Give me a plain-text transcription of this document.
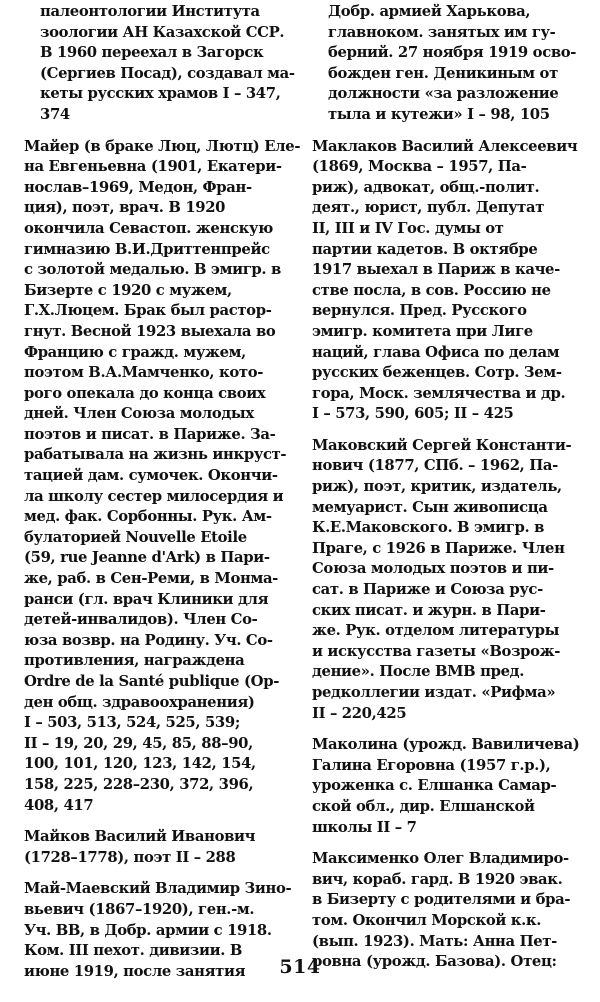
палеонтологии Института
зоологии АН Казахской ССР.
В 1960 переехал в Загорск
(Сергиев Посад), создавал ма-
кеты русских храмов I – 347,
374
Майер (в браке Люц, Лютц) Еле-
на Евгеньевна (1901, Екатери-
нослав–1969, Медон, Фран-
ция), поэт, врач. В 1920
окончила Севастоп. женскую
гимназию В.И.Дриттенпрейс
с золотой медалью. В эмигр. в
Бизерте с 1920 с мужем,
Г.Х.Люцем. Брак был растор-
гнут. Весной 1923 выехала во
Францию с гражд. мужем,
поэтом В.А.Мамченко, кото-
рого опекала до конца своих
дней. Член Союза молодых
поэтов и писат. в Париже. За-
рабатывала на жизнь инкруст-
тацией дам. сумочек. Окончи-
ла школу сестер милосердия и
мед. фак. Сорбонны. Рук. Ам-
булаторией Nouvelle Etoile
(59, rue Jeanne d'Ark) в Пари-
же, раб. в Сен-Реми, в Монма-
ранси (гл. врач Клиники для
детей-инвалидов). Член Со-
юза возвр. на Родину. Уч. Со-
противления, награждена
Ordre de la Santé publique (Ор-
ден общ. здравоохранения)
I – 503, 513, 524, 525, 539;
II – 19, 20, 29, 45, 85, 88–90,
100, 101, 120, 123, 142, 154,
158, 225, 228–230, 372, 396,
408, 417
Майков Василий Иванович
(1728–1778), поэт II – 288
Май-Маевский Владимир Зино-
вьевич (1867–1920), ген.-м.
Уч. ВВ, в Добр. армии с 1918.
Ком. III пехот. дивизии. В
июне 1919, после занятия
Добр. армией Харькова,
главноком. занятых им гу-
берний. 27 ноября 1919 осво-
божден ген. Деникиным от
должности «за разложение
тыла и кутежи» I – 98, 105
Маклаков Василий Алексеевич
(1869, Москва – 1957, Па-
риж), адвокат, общ.-полит.
деят., юрист, публ. Депутат
II, III и IV Гос. думы от
партии кадетов. В октябре
1917 выехал в Париж в каче-
стве посла, в сов. Россию не
вернулся. Пред. Русского
эмигр. комитета при Лиге
наций, глава Офиса по делам
русских беженцев. Сотр. Зем-
гора, Моск. землячества и др.
I – 573, 590, 605; II – 425
Маковский Сергей Константи-
нович (1877, СПб. – 1962, Па-
риж), поэт, критик, издатель,
мемуарист. Сын живописца
К.Е.Маковского. В эмигр. в
Праге, с 1926 в Париже. Член
Союза молодых поэтов и пи-
сат. в Париже и Союза рус-
ских писат. и журн. в Пари-
же. Рук. отделом литературы
и искусства газеты «Возрож-
дение». После ВМВ пред.
редколлегии издат. «Рифма»
II – 220,425
Маколина (урожд. Вавиличева)
Галина Егоровна (1957 г.р.),
уроженка с. Елшанка Самар-
ской обл., дир. Елшанской
школы II – 7
Максименко Олег Владимиро-
вич, кораб. гард. В 1920 эвак.
в Бизерту с родителями и бра-
том. Окончил Морской к.к.
(вып. 1923). Мать: Анна Пет-
ровна (урожд. Базова). Отец:
514
